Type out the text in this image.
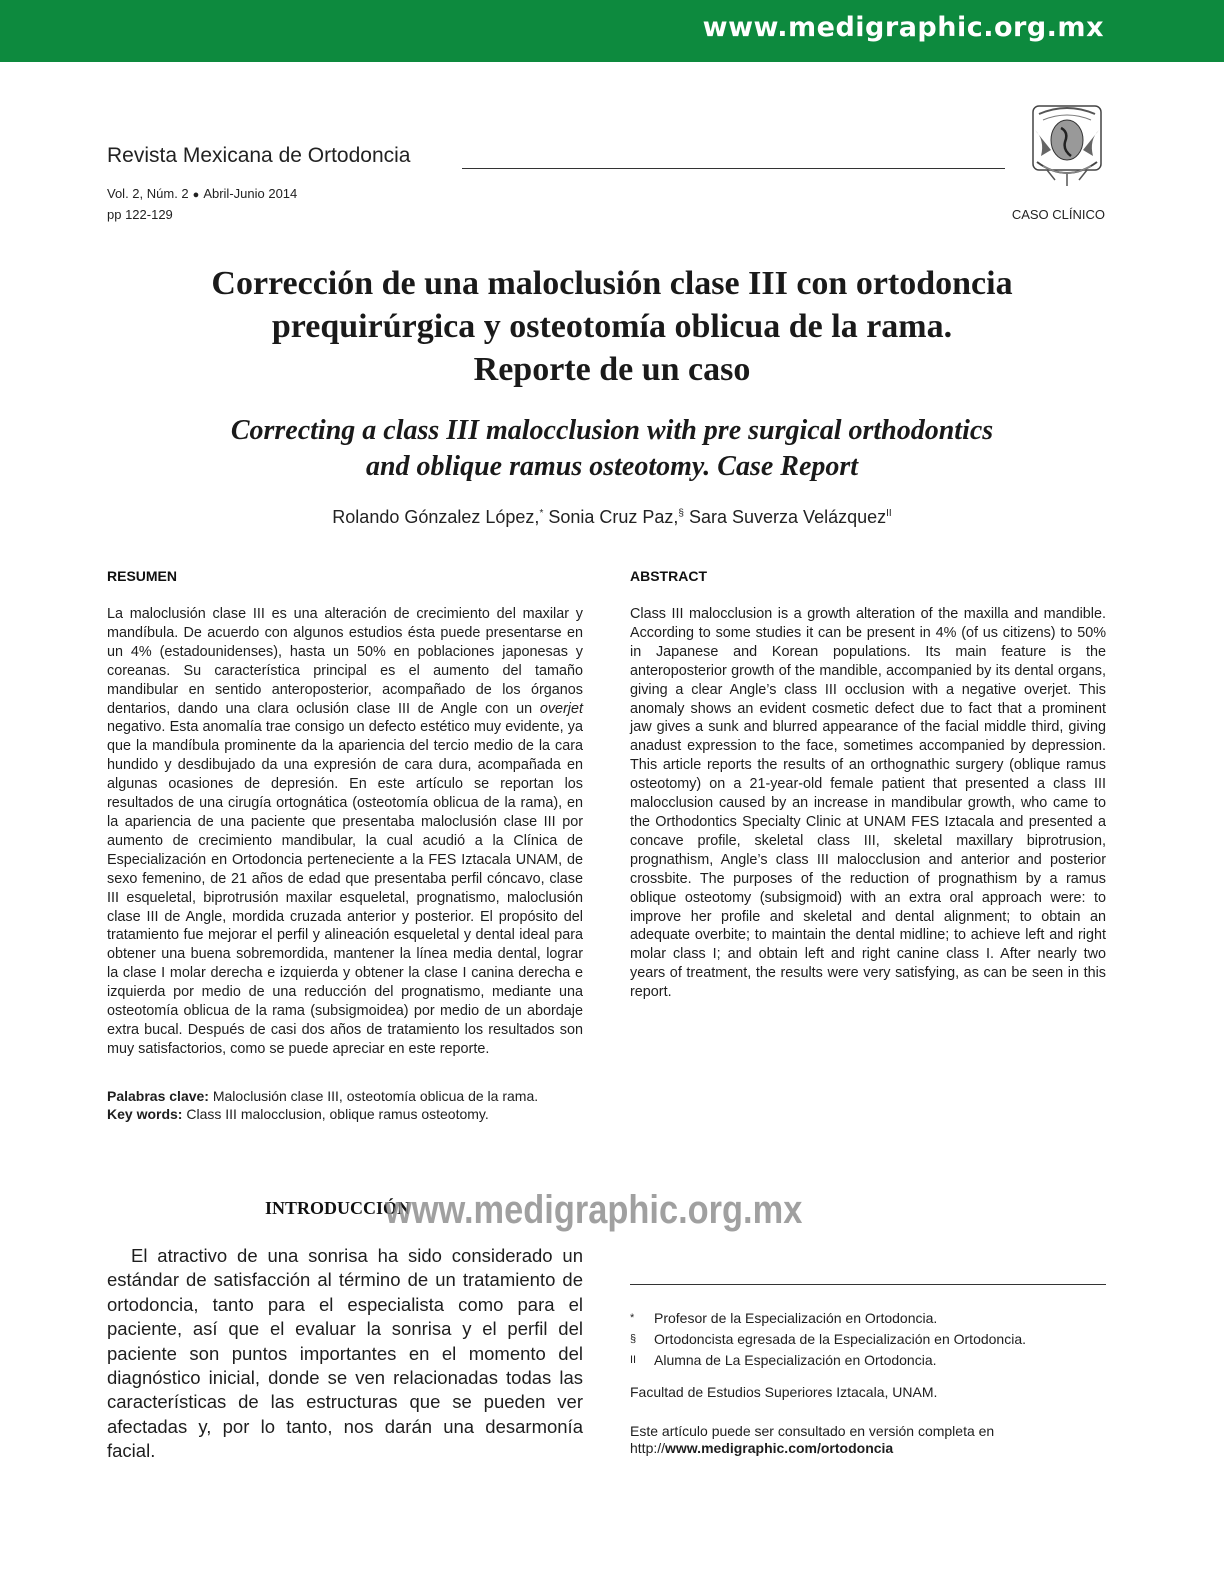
www.medigraphic.org.mx
Revista Mexicana de Ortodoncia
Vol. 2, Núm. 2 ● Abril-Junio 2014
pp 122-129	CASO CLÍNICO
Corrección de una maloclusión clase III con ortodoncia
prequirúrgica y osteotomía oblicua de la rama.
Reporte de un caso
Correcting a class III malocclusion with pre surgical orthodontics
and oblique ramus osteotomy. Case Report
Rolando Gónzalez López,* Sonia Cruz Paz,§ Sara Suverza Velázquez$^{II}$
RESUMEN

La maloclusión clase III es una alteración de crecimiento del maxilar y mandíbula. De acuerdo con algunos estudios ésta puede presentarse en un 4% (estadounidenses), hasta un 50% en poblaciones japonesas y coreanas. Su característica principal es el aumento del tamaño mandibular en sentido anteroposterior, acompañado de los órganos dentarios, dando una clara oclusión clase III de Angle con un overjet negativo. Esta anomalía trae consigo un defecto estético muy evidente, ya que la mandíbula prominente da la apariencia del tercio medio de la cara hundido y desdibujado da una expresión de cara dura, acompañada en algunas ocasiones de depresión. En este artículo se reportan los resultados de una cirugía ortognática (osteotomía oblicua de la rama), en la apariencia de una paciente que presentaba maloclusión clase III por aumento de crecimiento mandibular, la cual acudió a la Clínica de Especialización en Ortodoncia perteneciente a la FES Iztacala UNAM, de sexo femenino, de 21 años de edad que presentaba perfil cóncavo, clase III esqueletal, biprotrusión maxilar esqueletal, prognatismo, maloclusión clase III de Angle, mordida cruzada anterior y posterior. El propósito del tratamiento fue mejorar el perfil y alineación esqueletal y dental ideal para obtener una buena sobremordida, mantener la línea media dental, lograr la clase I molar derecha e izquierda y obtener la clase I canina derecha e izquierda por medio de una reducción del prognatismo, mediante una osteotomía oblicua de la rama (subsigmoidea) por medio de un abordaje extra bucal. Después de casi dos años de tratamiento los resultados son muy satisfactorios, como se puede apreciar en este reporte.

Palabras clave: Maloclusión clase III, osteotomía oblicua de la rama.
Key words: Class III malocclusion, oblique ramus osteotomy.
ABSTRACT

Class III malocclusion is a growth alteration of the maxilla and mandible. According to some studies it can be present in 4% (of us citizens) to 50% in Japanese and Korean populations. Its main feature is the anteroposterior growth of the mandible, accompanied by its dental organs, giving a clear Angle’s class III occlusion with a negative overjet. This anomaly shows an evident cosmetic defect due to fact that a prominent jaw gives a sunk and blurred appearance of the facial middle third, giving anadust expression to the face, sometimes accompanied by depression. This article reports the results of an orthognathic surgery (oblique ramus osteotomy) on a 21-year-old female patient that presented a class III malocclusion caused by an increase in mandibular growth, who came to the Orthodontics Specialty Clinic at UNAM FES Iztacala and presented a concave profile, skeletal class III, skeletal maxillary biprotrusion, prognathism, Angle’s class III malocclusion and anterior and posterior crossbite. The purposes of the reduction of prognathism by a ramus oblique osteotomy (subsigmoid) with an extra oral approach were: to improve her profile and skeletal and dental alignment; to obtain an adequate overbite; to maintain the dental midline; to achieve left and right molar class I; and obtain left and right canine class I. After nearly two years of treatment, the results were very satisfying, as can be seen in this report.

INTRODUCCIÓN
www.medigraphic.org.mx

El atractivo de una sonrisa ha sido considerado un estándar de satisfacción al término de un tratamiento de ortodoncia, tanto para el especialista como para el paciente, así que el evaluar la sonrisa y el perfil del paciente son puntos importantes en el momento del diagnóstico inicial, donde se ven relacionadas todas las características de las estructuras que se pueden ver afectadas y, por lo tanto, nos darán una desarmonía facial.

*	Profesor de la Especialización en Ortodoncia.
§	Ortodoncista egresada de la Especialización en Ortodoncia.
II	Alumna de La Especialización en Ortodoncia.
Facultad de Estudios Superiores Iztacala, UNAM.
Este artículo puede ser consultado en versión completa en
http://www.medigraphic.com/ortodoncia
